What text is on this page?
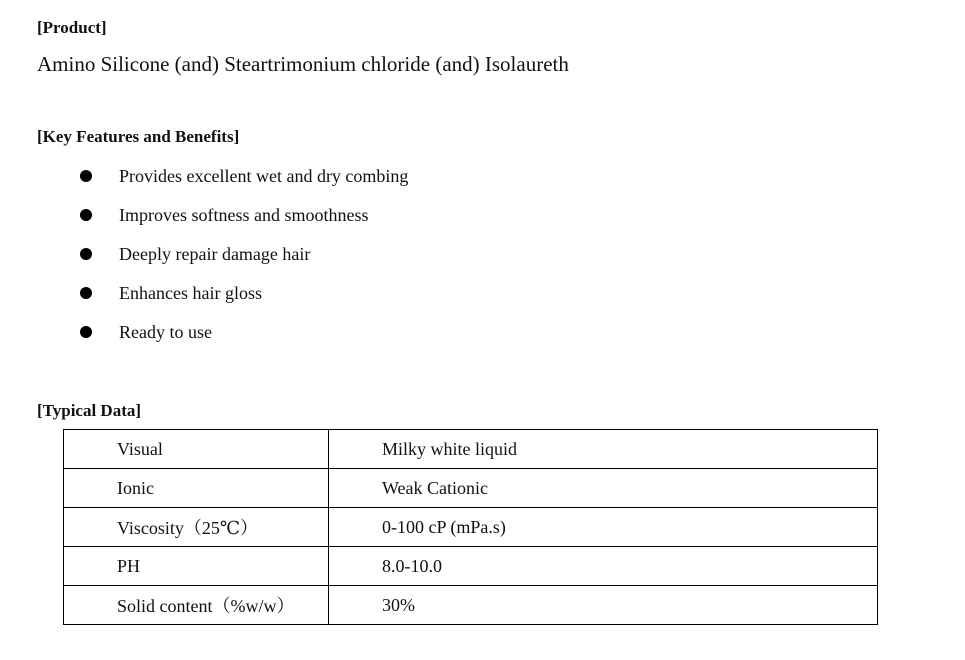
[Product]
Amino Silicone (and) Steartrimonium chloride (and) Isolaureth
[Key Features and Benefits]
Provides excellent wet and dry combing
Improves softness and smoothness
Deeply repair damage hair
Enhances hair gloss
Ready to use
[Typical Data]
Visual	Milky white liquid
Ionic	Weak Cationic
Viscosity（25℃）	0-100 cP (mPa.s)
PH	8.0-10.0
Solid content（%w/w）	30%
